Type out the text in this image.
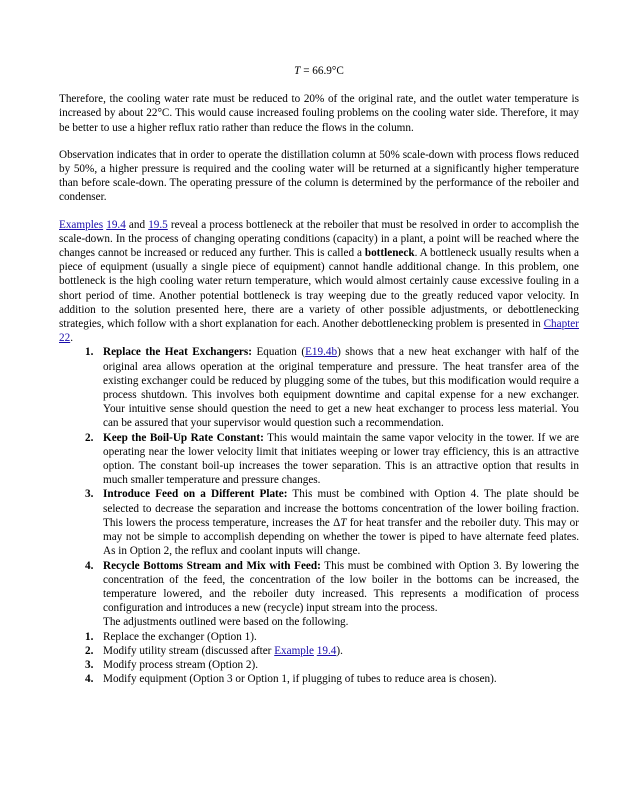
T = 66.9°C

Therefore, the cooling water rate must be reduced to 20% of the original rate, and the outlet water temperature is increased by about 22°C. This would cause increased fouling problems on the cooling water side. Therefore, it may be better to use a higher reflux ratio rather than reduce the flows in the column.

Observation indicates that in order to operate the distillation column at 50% scale-down with process flows reduced by 50%, a higher pressure is required and the cooling water will be returned at a significantly higher temperature than before scale-down. The operating pressure of the column is determined by the performance of the reboiler and condenser.

Examples 19.4 and 19.5 reveal a process bottleneck at the reboiler that must be resolved in order to accomplish the scale-down. In the process of changing operating conditions (capacity) in a plant, a point will be reached where the changes cannot be increased or reduced any further. This is called a bottleneck. A bottleneck usually results when a piece of equipment (usually a single piece of equipment) cannot handle additional change. In this problem, one bottleneck is the high cooling water return temperature, which would almost certainly cause excessive fouling in a short period of time. Another potential bottleneck is tray weeping due to the greatly reduced vapor velocity. In addition to the solution presented here, there are a variety of other possible adjustments, or debottlenecking strategies, which follow with a short explanation for each. Another debottlenecking problem is presented in Chapter 22.

1. Replace the Heat Exchangers: Equation (E19.4b) shows that a new heat exchanger with half of the original area allows operation at the original temperature and pressure. The heat transfer area of the existing exchanger could be reduced by plugging some of the tubes, but this modification would require a process shutdown. This involves both equipment downtime and capital expense for a new exchanger. Your intuitive sense should question the need to get a new heat exchanger to process less material. You can be assured that your supervisor would question such a recommendation.
2. Keep the Boil-Up Rate Constant: This would maintain the same vapor velocity in the tower. If we are operating near the lower velocity limit that initiates weeping or lower tray efficiency, this is an attractive option. The constant boil-up increases the tower separation. This is an attractive option that results in much smaller temperature and pressure changes.
3. Introduce Feed on a Different Plate: This must be combined with Option 4. The plate should be selected to decrease the separation and increase the bottoms concentration of the lower boiling fraction. This lowers the process temperature, increases the ΔT for heat transfer and the reboiler duty. This may or may not be simple to accomplish depending on whether the tower is piped to have alternate feed plates. As in Option 2, the reflux and coolant inputs will change.
4. Recycle Bottoms Stream and Mix with Feed: This must be combined with Option 3. By lowering the concentration of the feed, the concentration of the low boiler in the bottoms can be increased, the temperature lowered, and the reboiler duty increased. This represents a modification of process configuration and introduces a new (recycle) input stream into the process.

The adjustments outlined were based on the following.

1. Replace the exchanger (Option 1).
2. Modify utility stream (discussed after Example 19.4).
3. Modify process stream (Option 2).
4. Modify equipment (Option 3 or Option 1, if plugging of tubes to reduce area is chosen).
